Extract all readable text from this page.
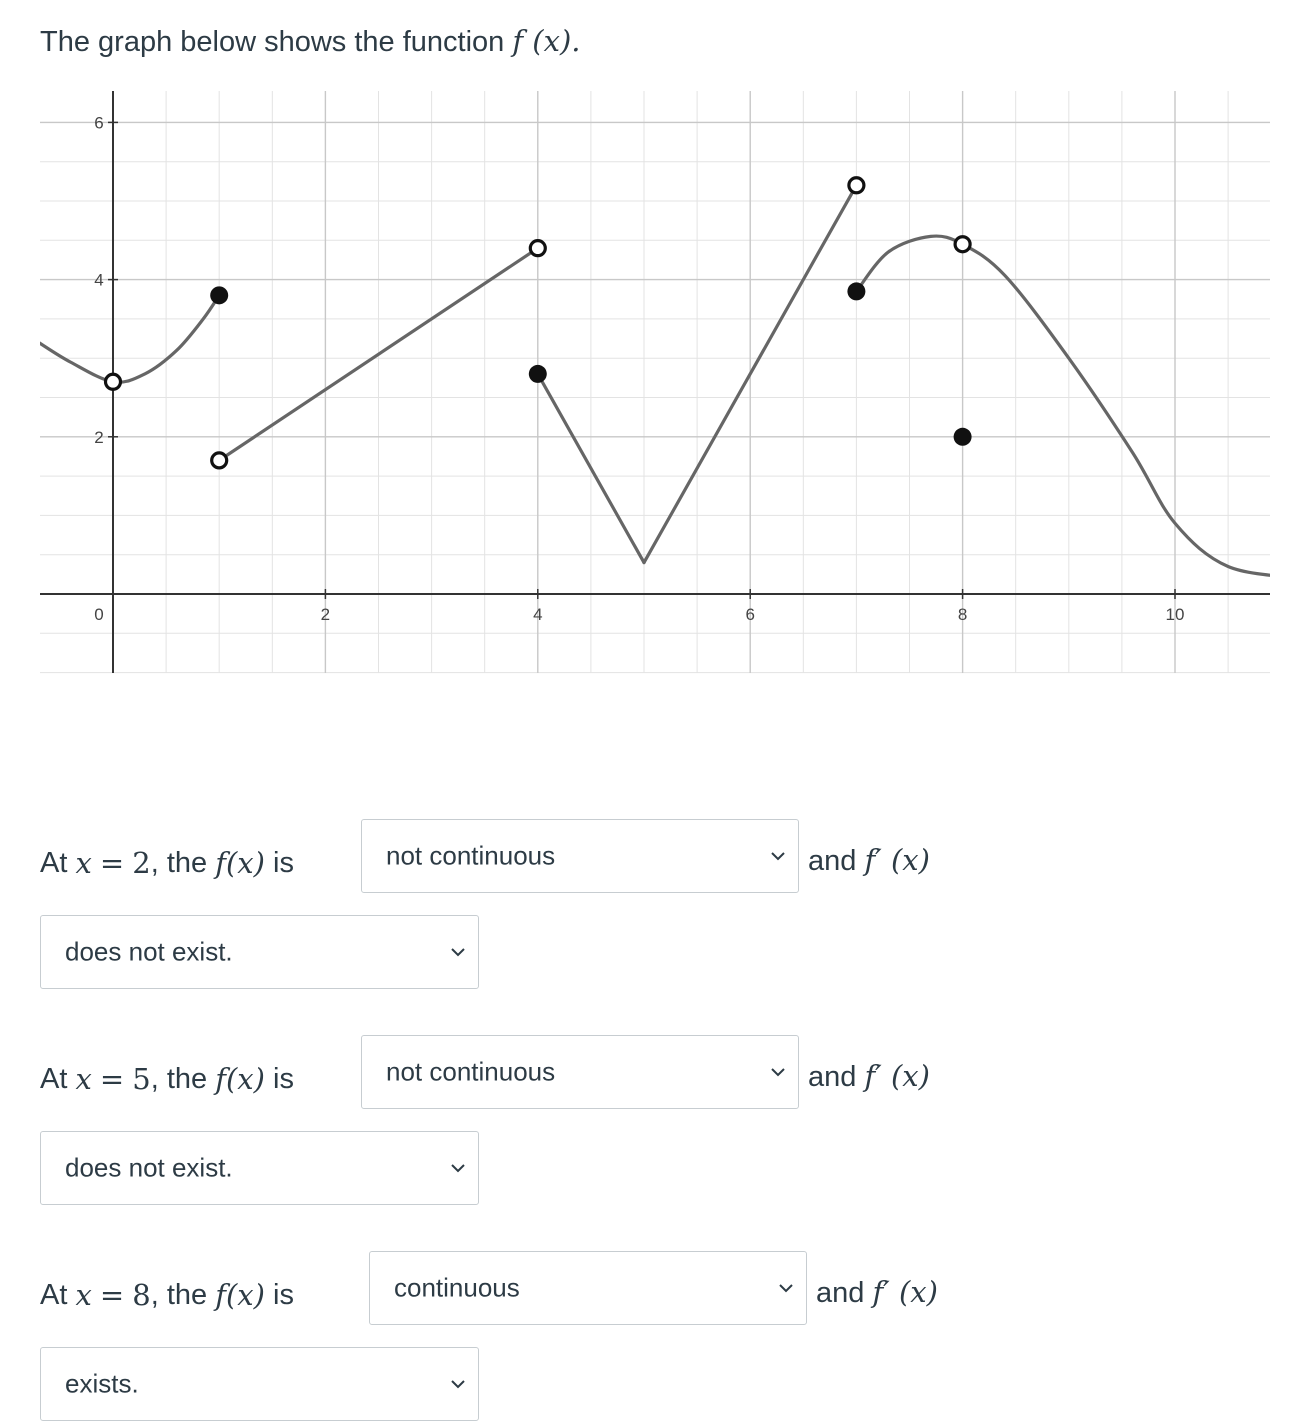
The graph below shows the function f (x).
0	2	4	6	8	10
2
4
6
At
x
=
2 , the
f(x)
is	not continuous	and f′ (x)
does not exist.
At
x
=
5 , the
f(x)
is	not continuous	and f′ (x)
does not exist.
At
x
=
8 , the
f(x)
is	continuous	and f′ (x)
exists.
